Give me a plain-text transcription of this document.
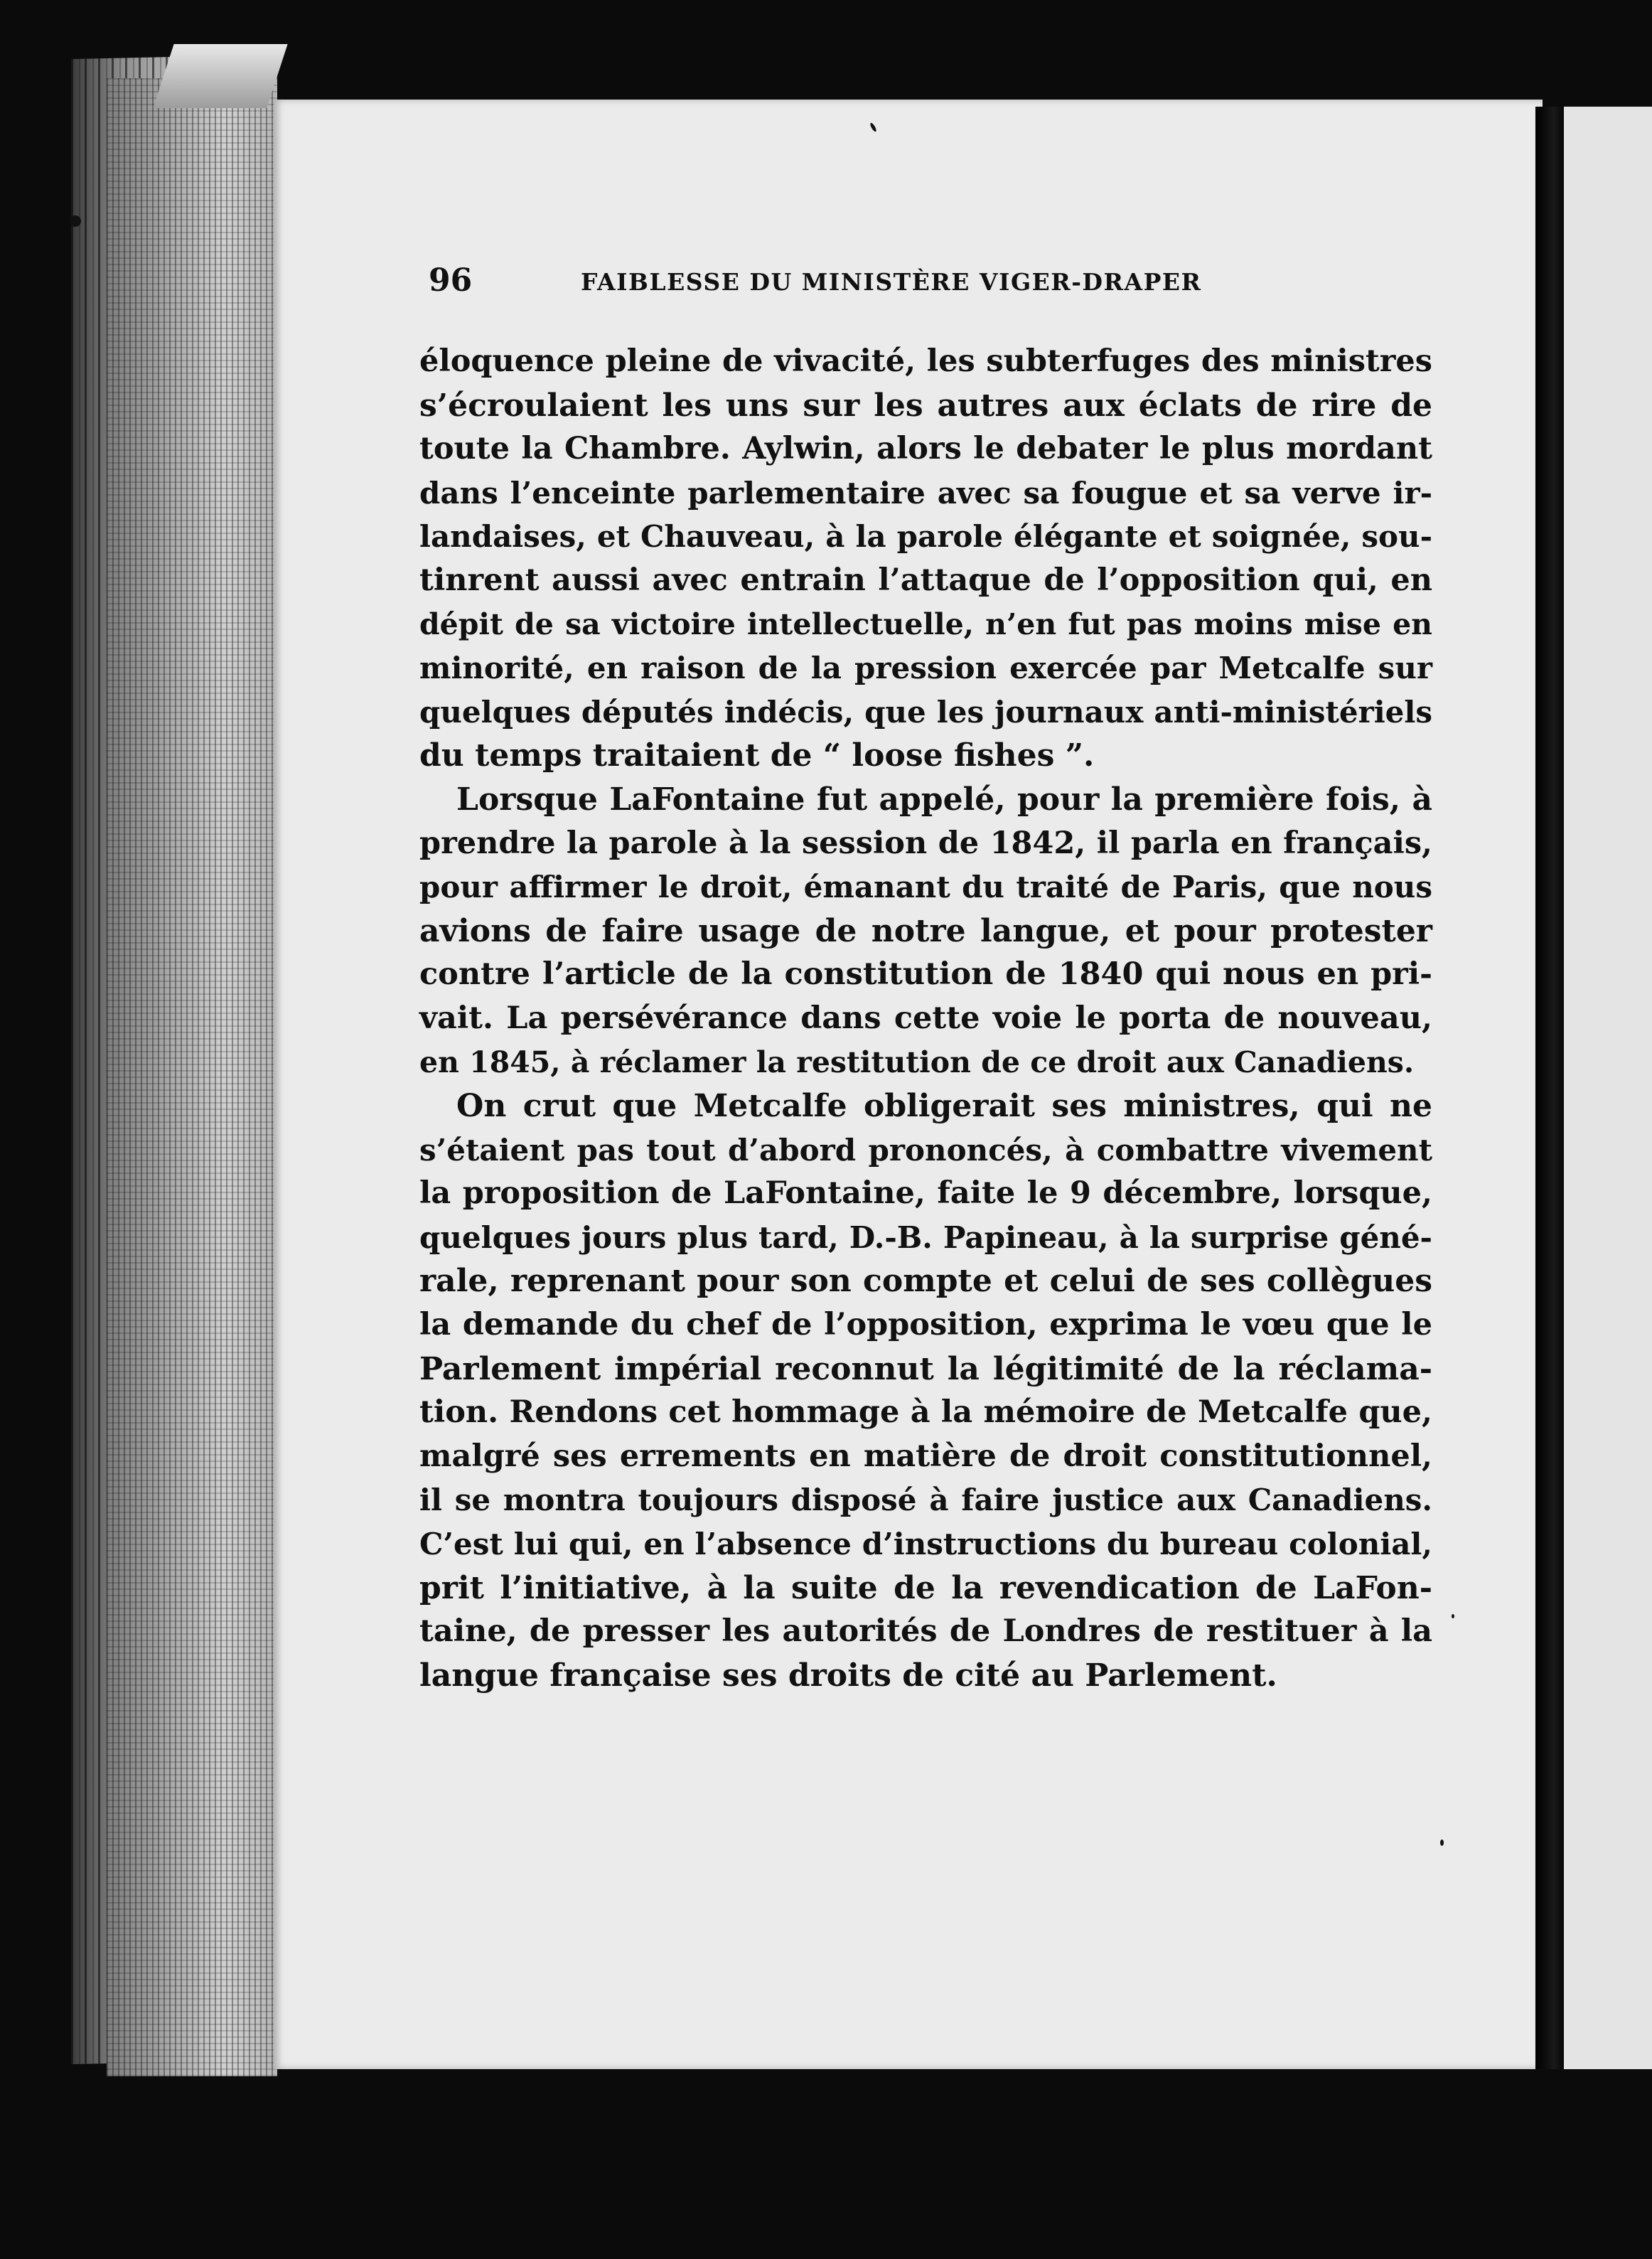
96	FAIBLESSE DU MINISTÈRE VIGER-DRAPER
éloquence pleine de vivacité, les subterfuges des ministres
s’écroulaient les uns sur les autres aux éclats de rire de
toute la Chambre. Aylwin, alors le debater le plus mordant
dans l’enceinte parlementaire avec sa fougue et sa verve ir-
landaises, et Chauveau, à la parole élégante et soignée, sou-
tinrent aussi avec entrain l’attaque de l’opposition qui, en
dépit de sa victoire intellectuelle, n’en fut pas moins mise en
minorité, en raison de la pression exercée par Metcalfe sur
quelques députés indécis, que les journaux anti-ministériels
du temps traitaient de “ loose fishes ”.
Lorsque LaFontaine fut appelé, pour la première fois, à
prendre la parole à la session de 1842, il parla en français,
pour affirmer le droit, émanant du traité de Paris, que nous
avions de faire usage de notre langue, et pour protester
contre l’article de la constitution de 1840 qui nous en pri-
vait. La persévérance dans cette voie le porta de nouveau,
en 1845, à réclamer la restitution de ce droit aux Canadiens.
On crut que Metcalfe obligerait ses ministres, qui ne
s’étaient pas tout d’abord prononcés, à combattre vivement
la proposition de LaFontaine, faite le 9 décembre, lorsque,
quelques jours plus tard, D.-B. Papineau, à la surprise géné-
rale, reprenant pour son compte et celui de ses collègues
la demande du chef de l’opposition, exprima le vœu que le
Parlement impérial reconnut la légitimité de la réclama-
tion. Rendons cet hommage à la mémoire de Metcalfe que,
malgré ses errements en matière de droit constitutionnel,
il se montra toujours disposé à faire justice aux Canadiens.
C’est lui qui, en l’absence d’instructions du bureau colonial,
prit l’initiative, à la suite de la revendication de LaFon-
taine, de presser les autorités de Londres de restituer à la
langue française ses droits de cité au Parlement.
